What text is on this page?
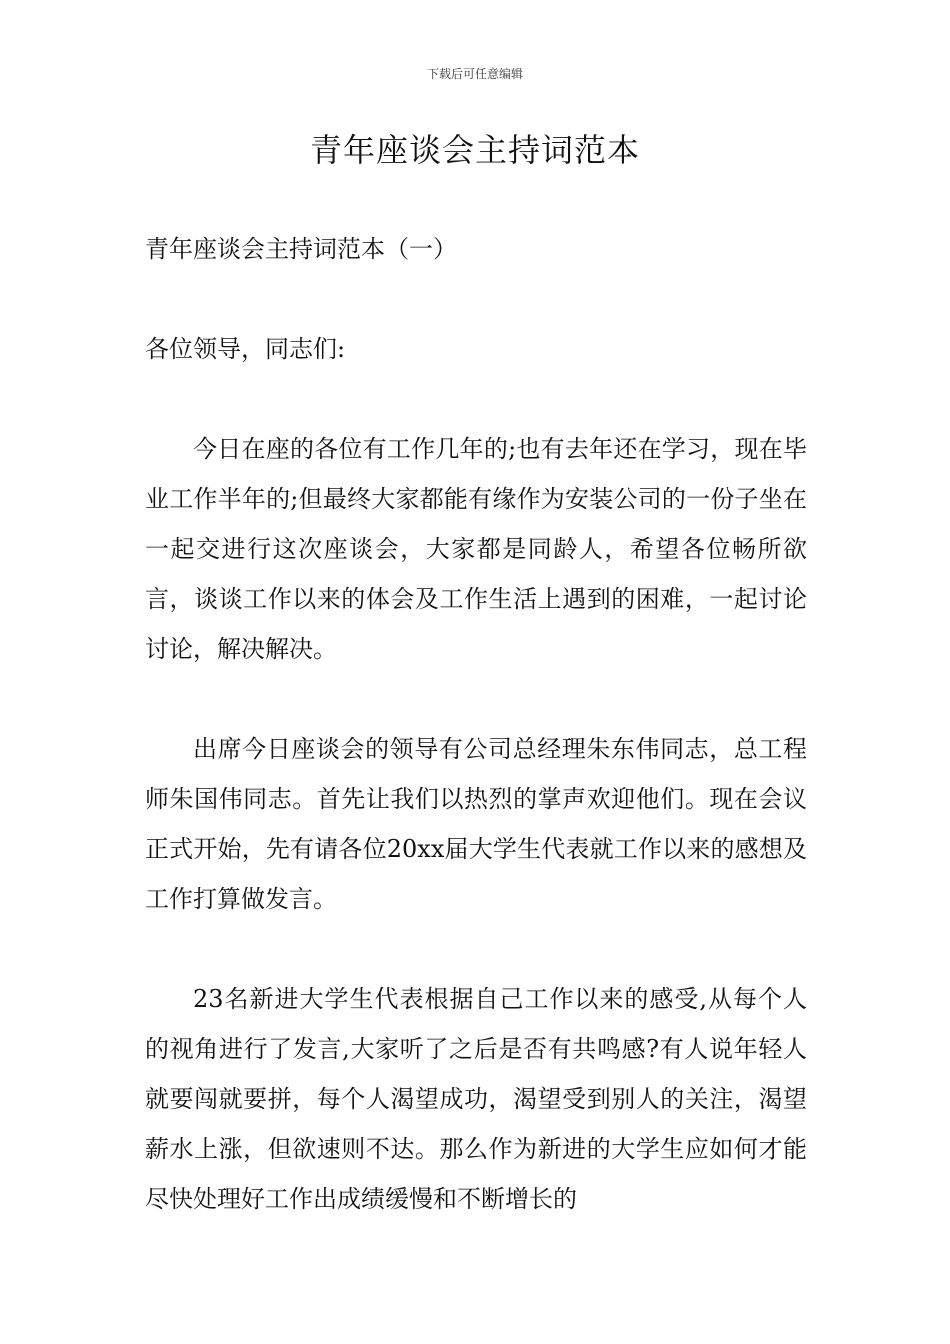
下载后可任意编辑
青年座谈会主持词范本
青年座谈会主持词范本（一）
各位领导，同志们:

今日在座的各位有工作几年的;也有去年还在学习，现在毕业工作半年的;但最终大家都能有缘作为安装公司的一份子坐在一起交进行这次座谈会，大家都是同龄人，希望各位畅所欲言，谈谈工作以来的体会及工作生活上遇到的困难，一起讨论讨论，解决解决。

出席今日座谈会的领导有公司总经理朱东伟同志，总工程师朱国伟同志。首先让我们以热烈的掌声欢迎他们。现在会议正式开始，先有请各位20xx届大学生代表就工作以来的感想及工作打算做发言。

23名新进大学生代表根据自己工作以来的感受,从每个人的视角进行了发言,大家听了之后是否有共鸣感?有人说年轻人就要闯就要拼，每个人渴望成功，渴望受到别人的关注，渴望薪水上涨，但欲速则不达。那么作为新进的大学生应如何才能尽快处理好工作出成绩缓慢和不断增长的
